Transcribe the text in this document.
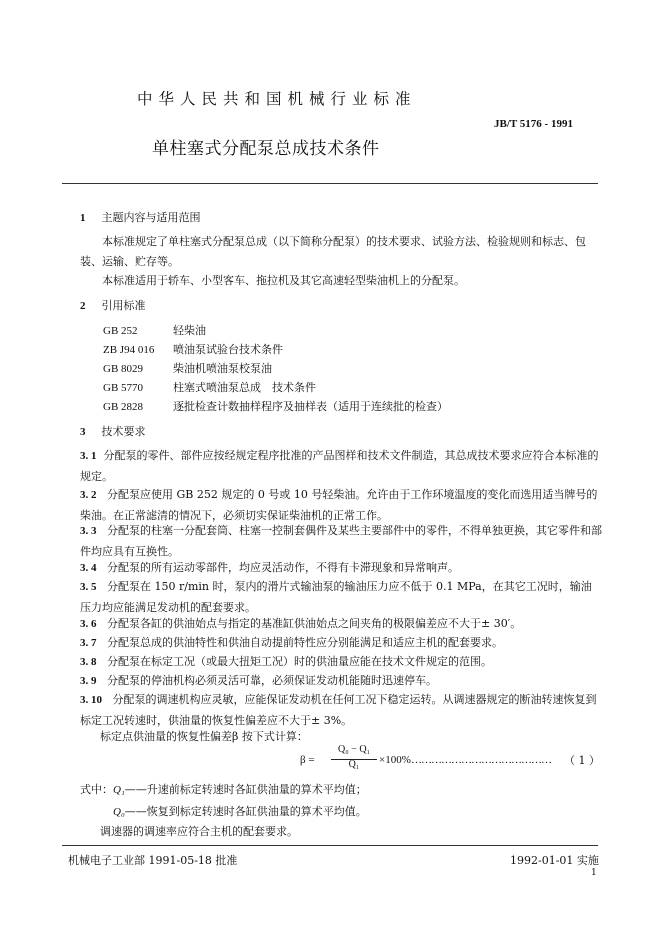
中华人民共和国机械行业标准
JB/T 5176 - 1991
单柱塞式分配泵总成技术条件
1 主题内容与适用范围
本标准规定了单柱塞式分配泵总成（以下简称分配泵）的技术要求、试验方法、检验规则和标志、包装、运输、贮存等。
本标准适用于轿车、小型客车、拖拉机及其它高速轻型柴油机上的分配泵。
2 引用标准
GB 252	轻柴油
ZB J94 016 喷油泵试验台技术条件
GB 8029	柴油机喷油泵校泵油
GB 5770	柱塞式喷油泵总成　技术条件
GB 2828	逐批检查计数抽样程序及抽样表（适用于连续批的检查）
3 技术要求
3. 1 分配泵的零件、部件应按经规定程序批准的产品图样和技术文件制造，其总成技术要求应符合本标准的规定。
3. 2 分配泵应使用 GB 252 规定的 0 号或 10 号轻柴油。允许由于工作环境温度的变化而选用适当牌号的柴油。在正常滤清的情况下，必须切实保证柴油机的正常工作。
3. 3 分配泵的柱塞一分配套筒、柱塞一控制套偶件及某些主要部件中的零件，不得单独更换，其它零件和部件均应具有互换性。
3. 4 分配泵的所有运动零部件，均应灵活动作，不得有卡滞现象和异常响声。
3. 5 分配泵在 150 r/min 时，泵内的滑片式输油泵的输油压力应不低于 0.1 MPa，在其它工况时，输油压力均应能满足发动机的配套要求。
3. 6 分配泵各缸的供油始点与指定的基准缸供油始点之间夹角的极限偏差应不大于± 30′。
3. 7 分配泵总成的供油特性和供油自动提前特性应分别能满足和适应主机的配套要求。
3. 8 分配泵在标定工况（或最大扭矩工况）时的供油量应能在技术文件规定的范围。
3. 9 分配泵的停油机构必须灵活可靠，必须保证发动机能随时迅速停车。
3. 10 分配泵的调速机构应灵敏，应能保证发动机在任何工况下稳定运转。从调速器规定的断油转速恢复到标定工况转速时，供油量的恢复性偏差应不大于± 3%。
标定点供油量的恢复性偏差β 按下式计算：
β =
Q₀ − Q₁
Q₁	×100% …………………………………… （ 1 ）
式中：Q₁——升速前标定转速时各缸供油量的算术平均值；
Q₀——恢复到标定转速时各缸供油量的算术平均值。
调速器的调速率应符合主机的配套要求。
机械电子工业部 1991-05-18 批准	1992-01-01 实施
1
